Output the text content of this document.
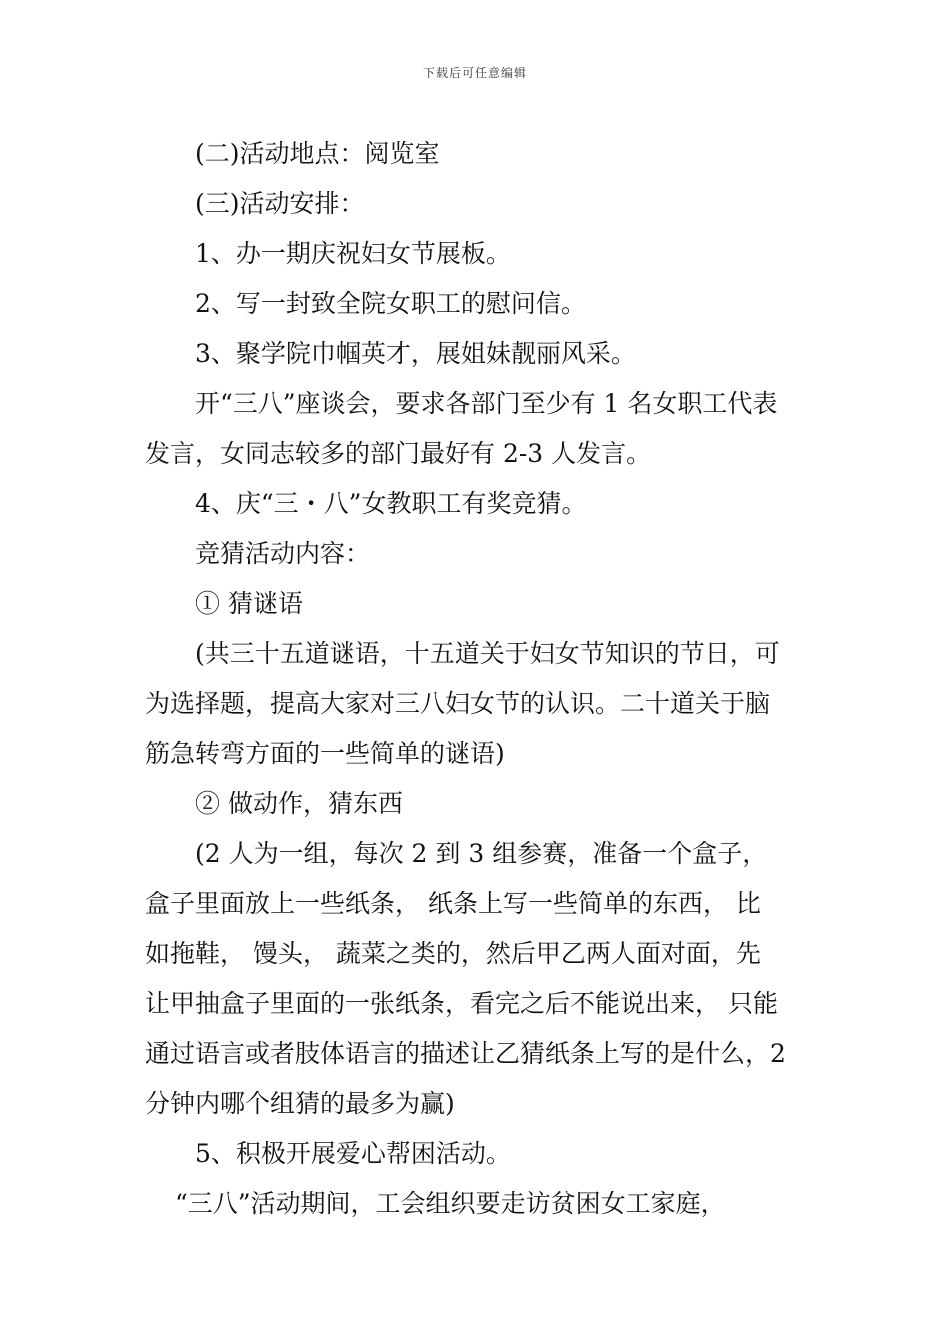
下载后可任意编辑

(二)活动地点：阅览室

(三)活动安排：

1、办一期庆祝妇女节展板。

2、写一封致全院女职工的慰问信。

3、聚学院巾帼英才，展姐妹靓丽风采。

开“三八”座谈会，要求各部门至少有 1 名女职工代表

发言，女同志较多的部门最好有 2-3 人发言。

4、庆“三・八”女教职工有奖竞猜。

竞猜活动内容：

① 猜谜语

(共三十五道谜语，十五道关于妇女节知识的节日，可

为选择题，提高大家对三八妇女节的认识。二十道关于脑

筋急转弯方面的一些简单的谜语)

② 做动作，猜东西

(2 人为一组，每次 2 到 3 组参赛，准备一个盒子，

盒子里面放上一些纸条， 纸条上写一些简单的东西， 比

如拖鞋， 馒头， 蔬菜之类的，然后甲乙两人面对面，先

让甲抽盒子里面的一张纸条，看完之后不能说出来， 只能

通过语言或者肢体语言的描述让乙猜纸条上写的是什么，2

分钟内哪个组猜的最多为赢)

5、积极开展爱心帮困活动。

“三八”活动期间，工会组织要走访贫困女工家庭，
